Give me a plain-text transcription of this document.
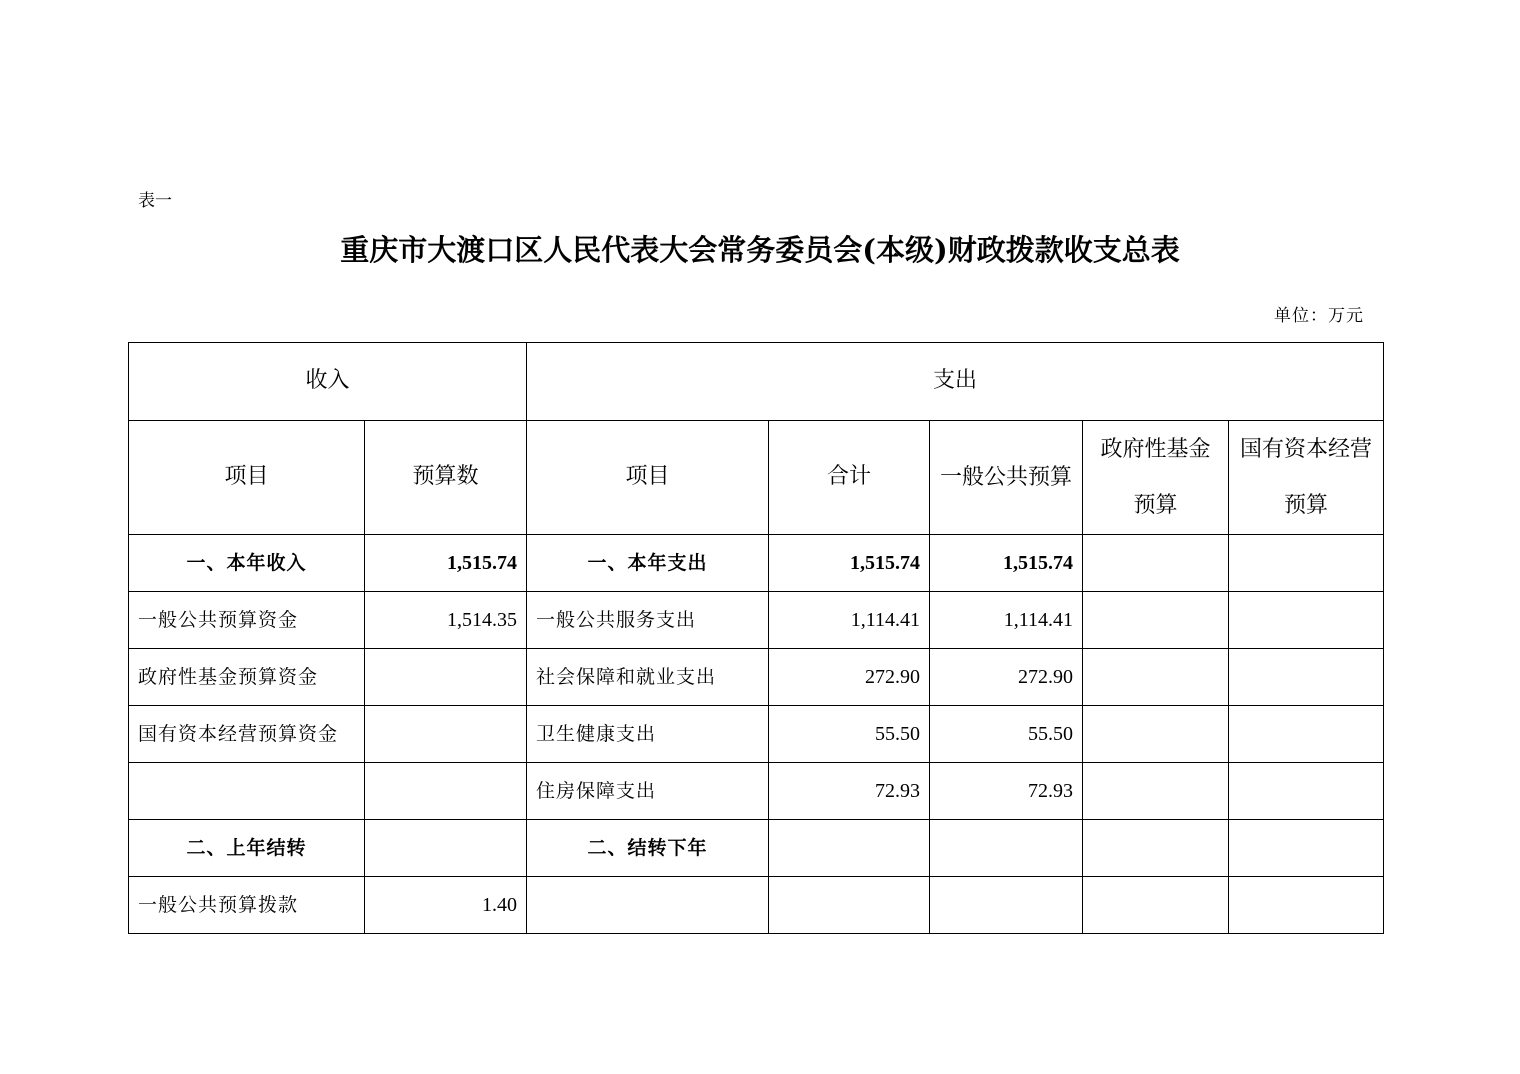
表一
重庆市大渡口区人民代表大会常务委员会(本级)财政拨款收支总表
单位：万元
收入		支出				
项目	预算数	项目	合计	一般公共预算	政府性基金预算	国有资本经营预算
一、本年收入	1,515.74	一、本年支出	1,515.74	1,515.74		
一般公共预算资金	1,514.35	一般公共服务支出	1,114.41	1,114.41		
政府性基金预算资金		社会保障和就业支出	272.90	272.90		
国有资本经营预算资金		卫生健康支出	55.50	55.50		
		住房保障支出	72.93	72.93		
二、上年结转		二、结转下年				
一般公共预算拨款	1.40					
